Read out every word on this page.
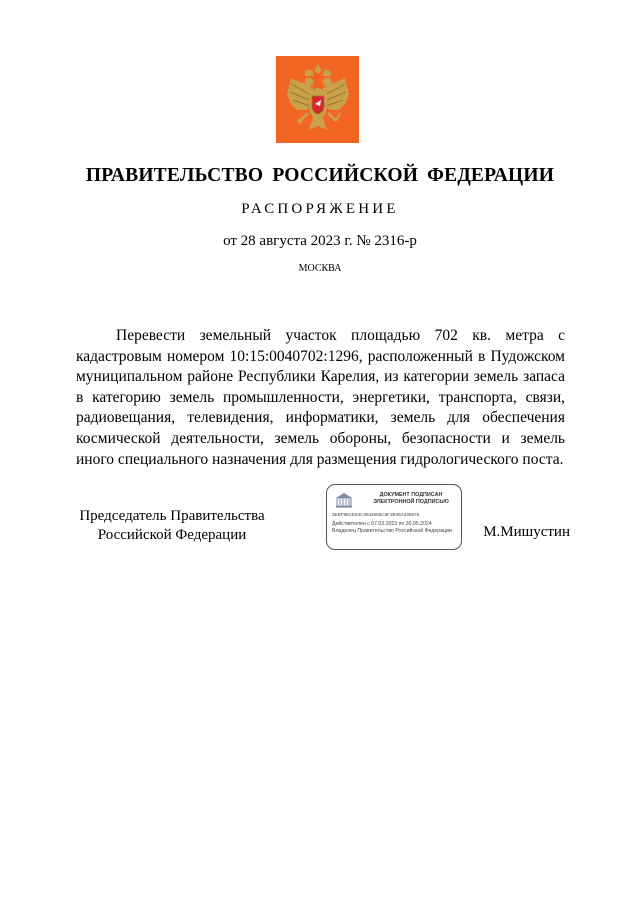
ПРАВИТЕЛЬСТВО РОССИЙСКОЙ ФЕДЕРАЦИИ
РАСПОРЯЖЕНИЕ
от 28 августа 2023 г. № 2316-р
МОСКВА
Перевести земельный участок площадью 702 кв. метра с кадастровым номером 10:15:0040702:1296, расположенный в Пудожском муниципальном районе Республики Карелия, из категории земель запаса в категорию земель промышленности, энергетики, транспорта, связи, радиовещания, телевидения, информатики, земель для обеспечения космической деятельности, земель обороны, безопасности и земель иного специального назначения для размещения гидрологического поста.
Председатель Правительства
Российской Федерации
ДОКУМЕНТ ПОДПИСАН
ЭЛЕКТРОННОЙ ПОДПИСЬЮ
3EBF98CE53C4842666C6F3B46A33087E
Действителен с 07.03.2023 по 30.05.2024
Владелец Правительство Российской Федерации	М.Мишустин
